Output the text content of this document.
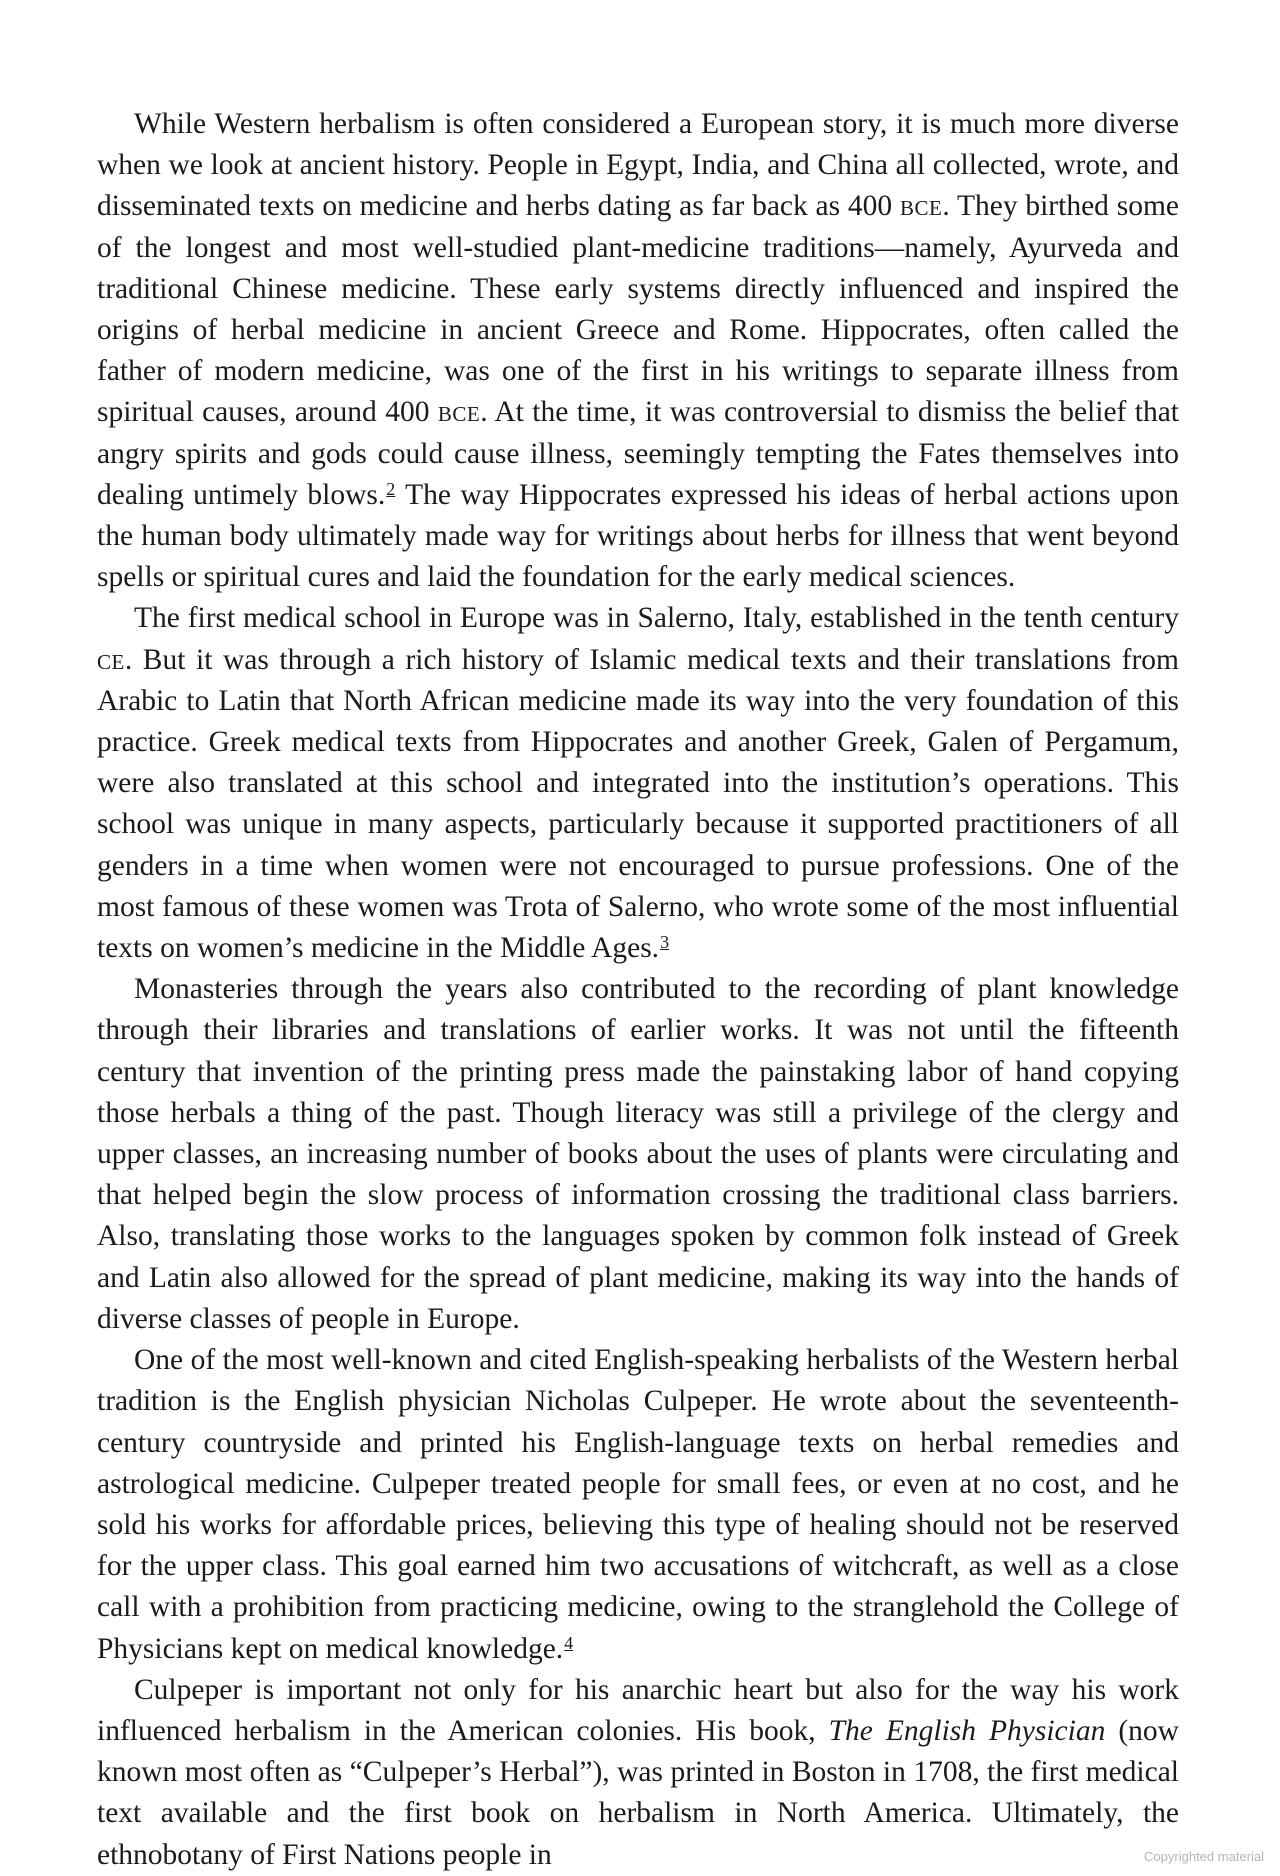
While Western herbalism is often considered a European story, it is much more diverse when we look at ancient history. People in Egypt, India, and China all collected, wrote, and disseminated texts on medicine and herbs dating as far back as 400 bce. They birthed some of the longest and most well-studied plant-medicine traditions—namely, Ayurveda and traditional Chinese medicine. These early systems directly influenced and inspired the origins of herbal medicine in ancient Greece and Rome. Hippocrates, often called the father of modern medicine, was one of the first in his writings to separate illness from spiritual causes, around 400 bce. At the time, it was controversial to dismiss the belief that angry spirits and gods could cause illness, seemingly tempting the Fates themselves into dealing untimely blows.$^2$ The way Hippocrates expressed his ideas of herbal actions upon the human body ultimately made way for writings about herbs for illness that went beyond spells or spiritual cures and laid the foundation for the early medical sciences.

The first medical school in Europe was in Salerno, Italy, established in the tenth century ce. But it was through a rich history of Islamic medical texts and their translations from Arabic to Latin that North African medicine made its way into the very foundation of this practice. Greek medical texts from Hippocrates and another Greek, Galen of Pergamum, were also translated at this school and integrated into the institution’s operations. This school was unique in many aspects, particularly because it supported practitioners of all genders in a time when women were not encouraged to pursue professions. One of the most famous of these women was Trota of Salerno, who wrote some of the most influential texts on women’s medicine in the Middle Ages.$^3$

Monasteries through the years also contributed to the recording of plant knowledge through their libraries and translations of earlier works. It was not until the fifteenth century that invention of the printing press made the painstaking labor of hand copying those herbals a thing of the past. Though literacy was still a privilege of the clergy and upper classes, an increasing number of books about the uses of plants were circulating and that helped begin the slow process of information crossing the traditional class barriers. Also, translating those works to the languages spoken by common folk instead of Greek and Latin also allowed for the spread of plant medicine, making its way into the hands of diverse classes of people in Europe.

One of the most well-known and cited English-speaking herbalists of the Western herbal tradition is the English physician Nicholas Culpeper. He wrote about the seventeenth-century countryside and printed his English-language texts on herbal remedies and astrological medicine. Culpeper treated people for small fees, or even at no cost, and he sold his works for affordable prices, believing this type of healing should not be reserved for the upper class. This goal earned him two accusations of witchcraft, as well as a close call with a prohibition from practicing medicine, owing to the stranglehold the College of Physicians kept on medical knowledge.$^4$

Culpeper is important not only for his anarchic heart but also for the way his work influenced herbalism in the American colonies. His book, The English Physician (now known most often as “Culpeper’s Herbal”), was printed in Boston in 1708, the first medical text available and the first book on herbalism in North America. Ultimately, the ethnobotany of First Nations people in	Copyrighted material
